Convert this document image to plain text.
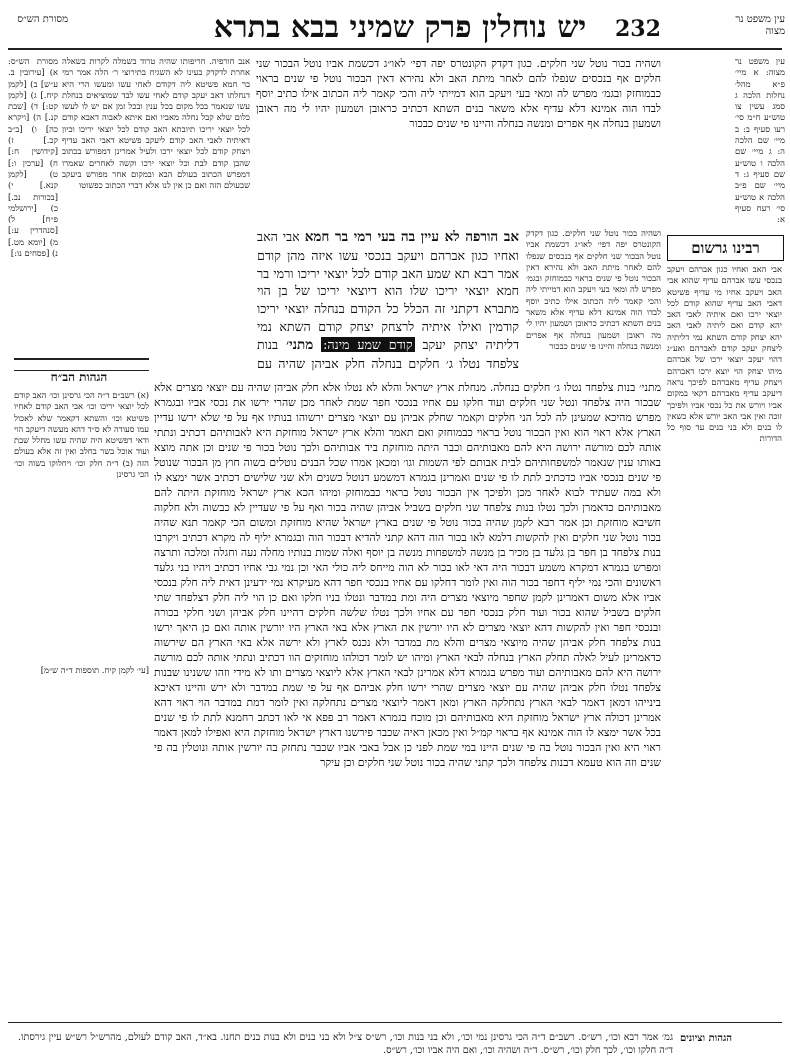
מסורת הש״ס	יש נוחלין פרק שמיני בבא בתרא	232	עין משפט נר מצוה

עין משפט נר מצוה: א מיי׳ פ״א מהל׳ נחלות הלכה ג סמג עשין צו טוש״ע ח״מ סי׳ רעו סעיף ב: ב מיי׳ שם הלכה ה: ג מיי׳ שם הלכה ו טוש״ע שם סעיף ג: ד מיי׳ שם פ״ב הלכה א טוש״ע סי׳ רעח סעיף א:

מסורת הש״ס: א) [עירובין ב. ע״ש] ב) [לקמן קיח.] ג) [לקמן קט:] ד) [שבת קנ.] ה) [ויקרא כה] ו) [ב״ב קכ.] ז) [קידושין ח:] ח) [ערכין ו:] ט) [לקמן קנא.] י) [בכורות נב.] כ) [ירושלמי פ״ח] ל) [סנהדרין ע:] מ) [יומא מט.] נ) [פסחים נו:]

אנב חורפיה. חריפותו שהיה טרוד בשמלה לקרות בשאלה אחרת לדקדק בעינו לא השגיח בתירוצי ר׳ הלה אמר רמי בר חמא פשיטא ליה דקודם לאחי עשו ומעשו הרי היא דנחלתו דאב יעקב קודם לאחי עשו לבד שמוציאים בנחלת עשו שנאמר בכל מקום בכל ענין ובכל זמן אם יש לו לעשו כלום שלא קבל נחלה מאביו ואם איתא לאבוה דאבא קודם לכל יוצאי יריכו תיובתא האב קודם לכל יוצאי יריכו וכיון דאיתיה לאבי האב קודם ליעקב פשיטא דאבי האב עדיף ויצחק קודם לכל יוצאי ירכו ולעיל אמרינן דמפורש בכתוב שהבן קודם לבת וכל יוצאי ירכו וקשה לאחרים שאמרו דמפרש הכתוב בעולם הבא ובמקום אחר מפורש ביעקב שבעולם הזה ואם כן אין לנו אלא דברי הכתוב כפשוטו

הגהות הב״ח

(א) רשב״ם ד״ה הכי גרסינן וכו׳ האב קודם לכל יוצאי יריכו וכו׳ אבי האב קודם לאחיו פשיטא וכו׳ והשתא דקאמר שלא לאכול עמו סעודה לא ס״ד דהא מעשה דיעקב הוי ודאי דפשיטא היה שהיה עשו מחלל שבת ועוד אוכל בשר בחלב ואין זה אלא בעולם הזה (ב) ד״ה חלק וכו׳ ויחלוקו בשוה וכו׳ הכי גרסינן

[עי׳ לקמן קיח. תוספות ד״ה ש״מ]

ושהיה בכור נוטל שני חלקים. כגון דקדק הקונטרס יפה דפי׳ לאו״ג דכשמת אביו נוטל הבכור שני חלקים אף בנכסים שנפלו להם לאחר מיתת האב ולא נהירא דאין הבכור נוטל פי שנים בראוי כבמוחזק ובגמ׳ מפרש לה ומאי בעי ויעקב הוא דמייתי ליה והכי קאמר ליה הכתוב אילו כתיב יוסף לבדו הוה אמינא דלא עדיף אלא משאר בנים השתא דכתיב כראובן ושמעון יהיו לי מה ראובן ושמעון בנחלה אף אפרים ומנשה בנחלה והיינו פי שנים כבכור

אב הורפה לא עיין בה בעי רמי בר חמא אבי האב ואחיו כגון אברהם ויעקב בנכסי עשו איזה מהן קודם אמר רבא תא שמע האב קודם לכל יוצאי יריכו ורמי בר חמא יוצאי יריכו שלו הוא דיוצאי יריכו של בן הוי מתברא דקתני זה הכלל כל הקודם בנחלה יוצאי יריכו קודמין ואילו איתיה לרצחק יצחק קודם השתא נמי דליתיה יצחק יעקב קודם שמע מינה: מתני׳ בנות צלפחד נטלו ג׳ חלקים בנחלה חלק אביהן שהיה עם

ושהיה בכור נוטל שני חלקים. כגון דקדק הקונטרס יפה דפי׳ לאו״ג דכשמת אביו נוטל הבכור שני חלקים אף בנכסים שנפלו להם לאחר מיתת האב ולא נהירא דאין הבכור נוטל פי שנים בראוי כבמוחזק ובגמ׳ מפרש לה ומאי בעי ויעקב הוא דמייתי ליה והכי קאמר ליה הכתוב אילו כתיב יוסף לבדו הוה אמינא דלא עדיף אלא משאר בנים השתא דכתיב כראובן ושמעון יהיו לי מה ראובן ושמעון בנחלה אף אפרים ומנשה בנחלה והיינו פי שנים כבכור

רבינו גרשום

אבי האב ואחיו כגון אברהם ויעקב בנכסי עשו אברהם עדיף שהוא אבי האב ויעקב אחיו מי עדיף פשיטא דאבי האב עדיף שהוא קודם לכל יוצאי ירכו ואם איתיה לאבי האב יהא קודם ואם ליתיה לאבי האב יהא יצחק קודם השתא נמי דליתיה ליצחק יעקב קודם לאברהם ואע״ג דהוי יעקב יוצאי ירכו של אברהם מיהו יצחק הוי יוצא ירכו דאברהם ויצחק עדיף מאברהם לפיכך נראה דיעקב עדיף מאברהם דקאי במקום אביו ויורש את כל נכסי אביו ולפיכך זוכה ואין אבי האב יורש אלא כשאין לו בנים ולא בני בנים עד סוף כל הדורות

מתני׳ בנות צלפחד נטלו ג׳ חלקים בנחלה. מנחלת ארץ ישראל והלא לא נטלו אלא חלק אביהן שהיה עם יוצאי מצרים אלא שבכור היה צלפחד ונטל שני חלקים ועוד חלקו עם אחיו בנכסי חפר שמת לאחר מכן שהרי ירשו את נכסי אביו ובגמרא מפרש מהיכא שמעינן לה לכל הני חלקים וקאמר שחלק אביהן עם יוצאי מצרים ירשוהו בנותיו אף על פי שלא ירשו עדיין הארץ אלא ראוי הוא ואין הבכור נוטל בראוי כבמוחזק ואם תאמר והלא ארץ ישראל מוחזקת היא לאבותיהם דכתיב ונתתי אותה לכם מורשה ירושה היא להם מאבותיהם וכבר היתה מוחזקת ביד אבותיהם ולכך נוטל בכור פי שנים וכן אתה מוצא באותו ענין שנאמר למשפחותיהם לבית אבותם לפי השמות וגו׳ ומכאן אמרו שכל הבנים נוטלים בשוה חוץ מן הבכור שנוטל פי שנים בנכסי אביו כדכתיב לתת לו פי שנים ואמרינן בגמרא דמשמע דנוטל כשנים ולא שני שלישים דכתיב אשר ימצא לו ולא במה שעתיד לבוא לאחר מכן ולפיכך אין הבכור נוטל בראוי כבמוחזק ומיהו הכא ארץ ישראל מוחזקת היתה להם מאבותיהם כדאמרן ולכך נטלו בנות צלפחד שני חלקים בשביל אביהן שהיה בכור ואף על פי שעדיין לא כבשוה ולא חלקוה חשיבא מוחזקת וכן אמר רבא לקמן שהיה בכור נוטל פי שנים בארץ ישראל שהיא מוחזקת ומשום הכי קאמר תנא שהיה בכור נוטל שני חלקים ואין להקשות דלמא לאו בכור הוה דהא קתני להדיא דבכור הוה ובגמרא יליף לה מקרא דכתיב ויקרבו בנות צלפחד בן חפר בן גלעד בן מכיר בן מנשה למשפחות מנשה בן יוסף ואלה שמות בנותיו מחלה נעה וחגלה ומלכה ותרצה ומפרש בגמרא דמקרא משמע דבכור היה דאי לאו בכור לא הוה מייחס ליה כולי האי וכן נמי גבי אחיו דכתיב ויהיו בני גלעד ראשונים והכי נמי יליף דחפר בכור הוה ואין לומר דחלקו עם אחיו בנכסי חפר דהא מעיקרא נמי ידעינן דאית ליה חלק בנכסי אביו אלא משום דאמרינן לקמן שחפר מיוצאי מצרים היה ומת במדבר ונטלו בניו חלקו ואם כן הוי ליה חלק דצלפחד שתי חלקים בשביל שהוא בכור ועוד חלק בנכסי חפר עם אחיו ולכך נטלו שלשה חלקים דהיינו חלק אביהן ושני חלקי בכורה ובנכסי חפר ואין להקשות דהא יוצאי מצרים לא היו יורשין את הארץ אלא באי הארץ היו יורשין אותה ואם כן היאך ירשו בנות צלפחד חלק אביהן שהיה מיוצאי מצרים והלא מת במדבר ולא נכנס לארץ ולא ירשה אלא באי הארץ הם שירשוה כדאמרינן לעיל לאלה תחלק הארץ בנחלה לבאי הארץ ומיהו יש לומר דכולהו מוחזקים הוו דכתיב ונתתי אותה לכם מורשה ירושה היא להם מאבותיהם ועוד מפרש בגמרא דלא אמרינן לבאי הארץ אלא ליוצאי מצרים ותו לא מידי וזהו ששנינו שבנות צלפחד נטלו חלק אביהן שהיה עם יוצאי מצרים שהרי ירשו חלק אביהם אף על פי שמת במדבר ולא ירש והיינו דאיכא בינייהו דמאן דאמר לבאי הארץ נתחלקה הארץ ומאן דאמר ליוצאי מצרים נתחלקה ואין לומר דמת במדבר הוי ראוי דהא אמרינן דכולה ארץ ישראל מוחזקת היא מאבותיהם וכן מוכח בגמרא דאמר רב פפא אי לאו דכתב רחמנא לתת לו פי שנים בכל אשר ימצא לו הוה אמינא אף בראוי קמ״ל ואין מכאן ראיה שכבר פירשנו דארץ ישראל מוחזקת היא ואפילו למאן דאמר ראוי היא ואין הבכור נוטל בה פי שנים היינו במי שמת לפני כן אבל באבי אביו שכבר נתחזק בה יורשין אותה ונוטלין בה פי שנים וזה הוא טעמא דבנות צלפחד ולכך קתני שהיה בכור נוטל שני חלקים וכן עיקר

הגהות וציונים
גמ׳ אמר רבא וכו׳, רש״ס. רשב״ם ד״ה הכי גרסינן נמי וכו׳, ולא בני בנות וכו׳, רש״ס צ״ל ולא בני בנים ולא בנות בנים תחנו. בא״ד, האב קודם לעולם, מהרש״ל רש״ש עיין גירסתו. ד״ה חלקו וכו׳, לכך חלק וכו׳, רש״ס. ד״ה ושהיה וכו׳, ואם היה אביו וכו׳, רש״ס.
